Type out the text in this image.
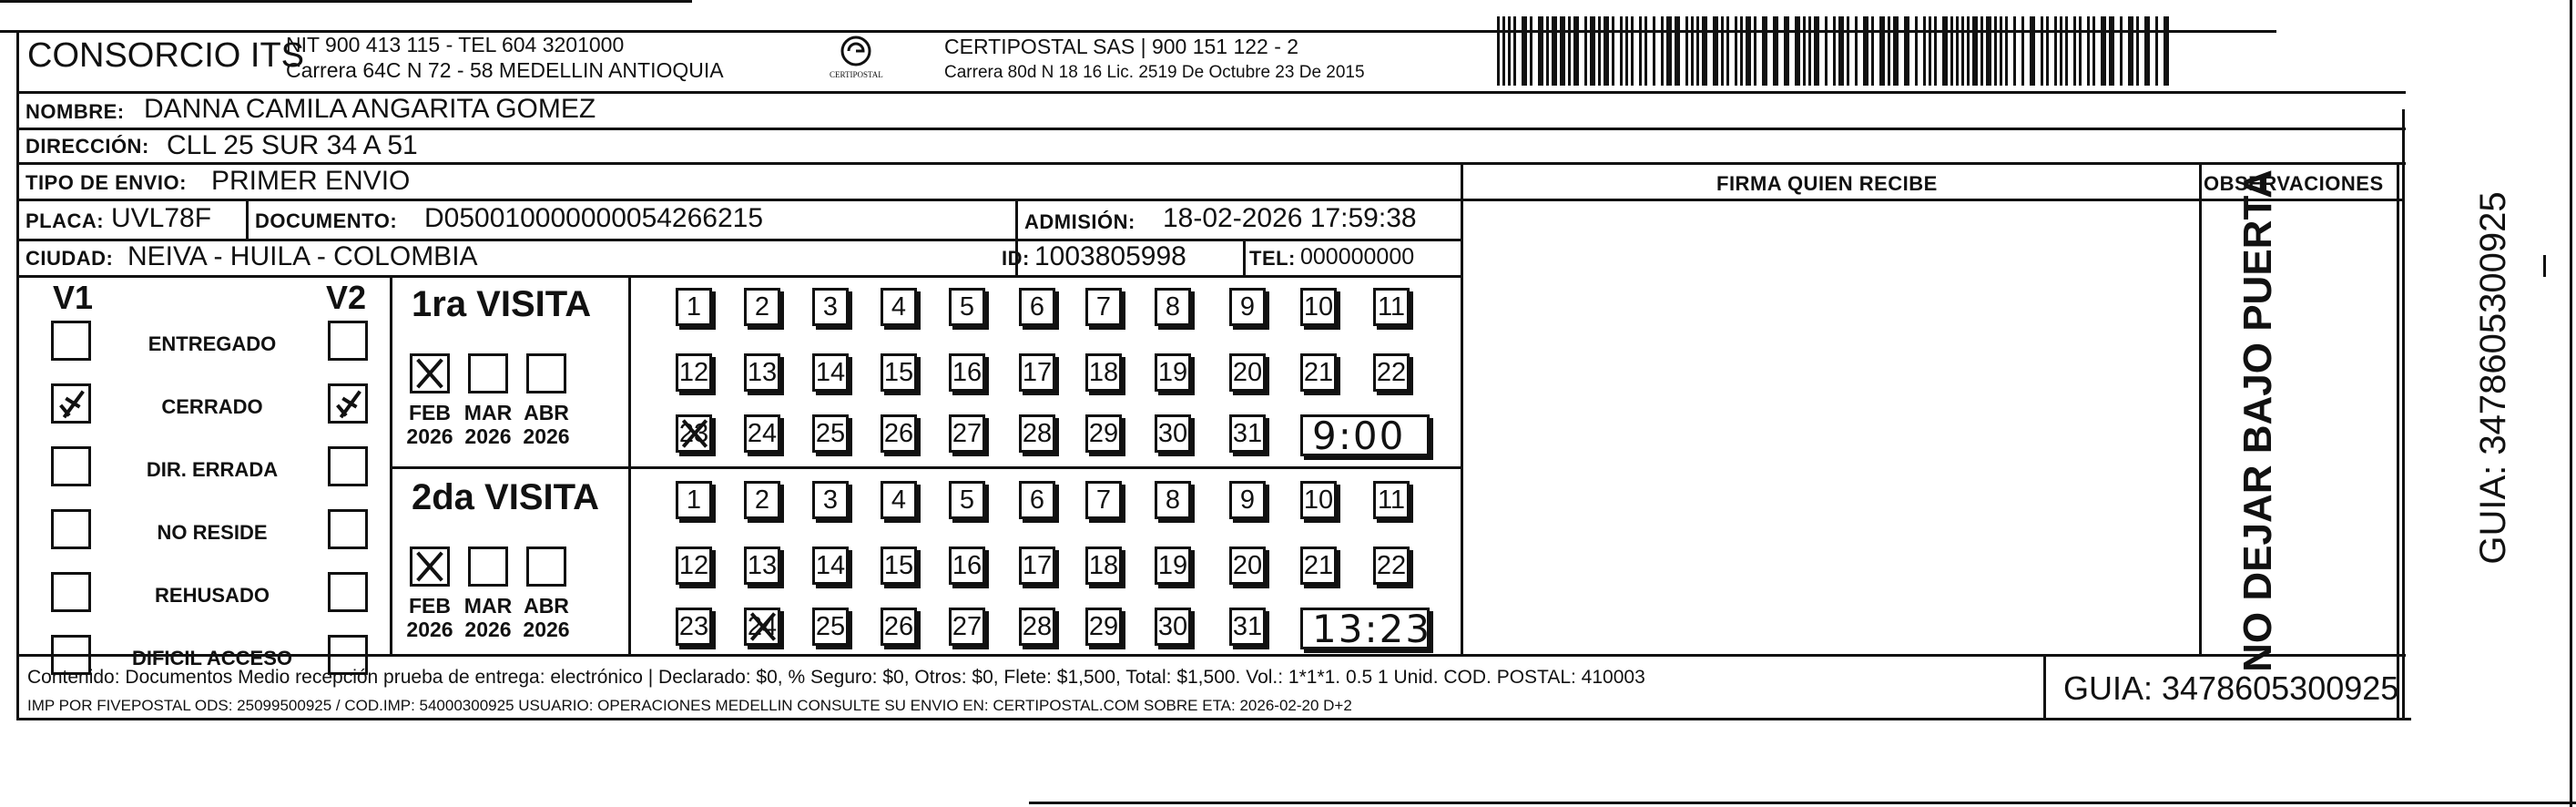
CONSORCIO ITS
NIT 900 413 115 - TEL 604 3201000
Carrera 64C N 72 - 58 MEDELLIN ANTIOQUIA	CERTIPOSTAL
CERTIPOSTAL SAS | 900 151 122 - 2
Carrera 80d N 18 16 Lic. 2519 De Octubre 23 De 2015
NOMBRE: DANNA CAMILA ANGARITA GOMEZ
DIRECCIÓN: CLL 25 SUR 34 A 51
TIPO DE ENVIO: PRIMER ENVIO
PLACA: UVL78F DOCUMENTO: D050010000000054266215	ADMISIÓN: 18-02-2026 17:59:38
CIUDAD: NEIVA - HUILA - COLOMBIA	ID: 1003805998	TEL: 000000000
FIRMA QUIEN RECIBE	OBSERVACIONES
V1	V2
ENTREGADO
CERRADO
DIR. ERRADA
NO RESIDE
REHUSADO
DIFICIL ACCESO
1ra VISITA
2da VISITA
FEB
2026
MAR
2026
ABR
2026
1	2	3	4	5	6	7	8	9	10 11
12 13 14 15 16 17 18 19 20 21 22
23 24 25 26 27 28 29 30 31 9:00
FEB
2026
MAR
2026
ABR
2026
1	2	3	4	5	6	7	8	9	10 11
12 13 14 15 16 17 18 19 20 21 22
23 24 25 26 27 28 29 30 31 13:23
Contenido: Documentos Medio recepción prueba de entrega: electrónico | Declarado: $0, % Seguro: $0, Otros: $0, Flete: $1,500, Total: $1,500. Vol.: 1*1*1. 0.5 1 Unid. COD. POSTAL: 410003
IMP POR FIVEPOSTAL ODS: 25099500925 / COD.IMP: 54000300925 USUARIO: OPERACIONES MEDELLIN CONSULTE SU ENVIO EN: CERTIPOSTAL.COM SOBRE ETA: 2026-02-20 D+2	GUIA: 3478605300925
NO DEJAR BAJO PUERTA	GUIA: 3478605300925
